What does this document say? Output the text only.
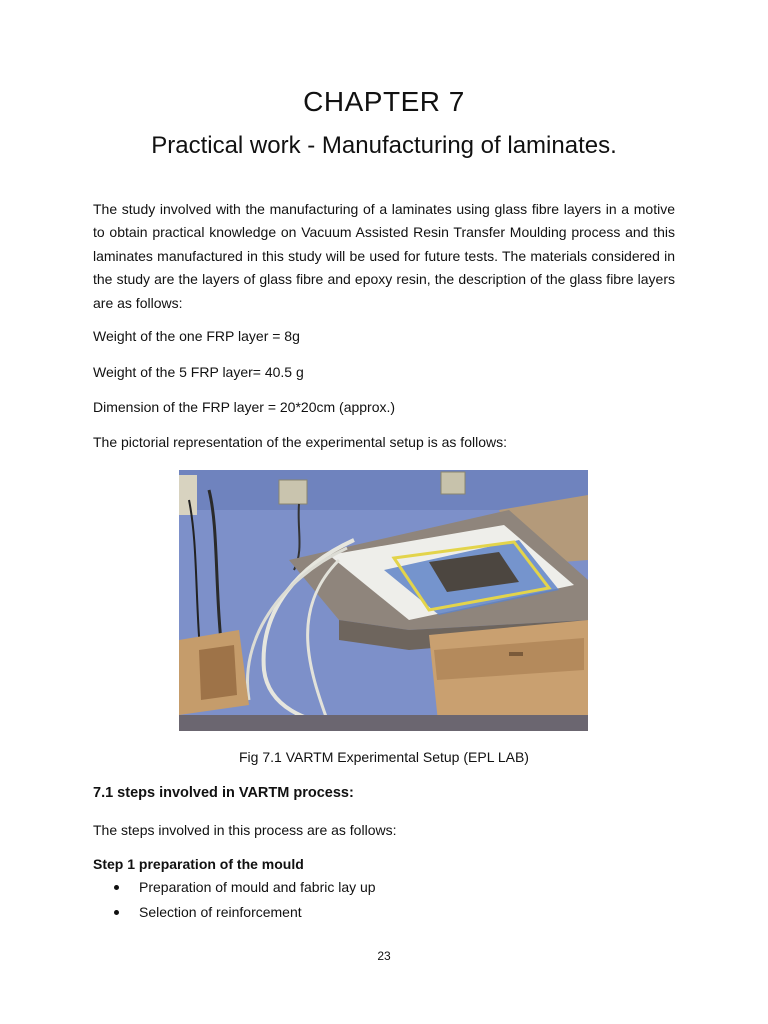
CHAPTER 7
Practical work - Manufacturing of laminates.

The study involved with the manufacturing of a laminates using glass fibre layers in a motive to obtain practical knowledge on Vacuum Assisted Resin Transfer Moulding process and this laminates manufactured in this study will be used for future tests. The materials considered in the study are the layers of glass fibre and epoxy resin, the description of the glass fibre layers are as follows:

Weight of the one FRP layer = 8g

Weight of the 5 FRP layer= 40.5 g

Dimension of the FRP layer = 20*20cm (approx.)

The pictorial representation of the experimental setup is as follows:

Fig 7.1 VARTM Experimental Setup (EPL LAB)

7.1 steps involved in VARTM process:

The steps involved in this process are as follows:

Step 1 preparation of the mould

Preparation of mould and fabric lay up
Selection of reinforcement

23
